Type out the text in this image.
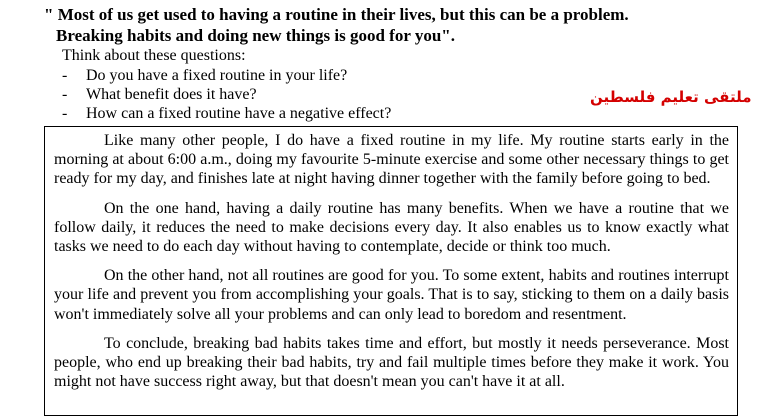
" Most of us get used to having a routine in their lives, but this can be a problem.
Breaking habits and doing new things is good for you".
Think about these questions:
-	Do you have a fixed routine in your life?
-	What benefit does it have?
-	How can a fixed routine have a negative effect?
ملتقى تعليم فلسطين

Like many other people, I do have a fixed routine in my life. My routine starts early in the morning at about 6:00 a.m., doing my favourite 5-minute exercise and some other necessary things to get ready for my day, and finishes late at night having dinner together with the family before going to bed.

On the one hand, having a daily routine has many benefits. When we have a routine that we follow daily, it reduces the need to make decisions every day. It also enables us to know exactly what tasks we need to do each day without having to contemplate, decide or think too much.

On the other hand, not all routines are good for you. To some extent, habits and routines interrupt your life and prevent you from accomplishing your goals. That is to say, sticking to them on a daily basis won't immediately solve all your problems and can only lead to boredom and resentment.

To conclude, breaking bad habits takes time and effort, but mostly it needs perseverance. Most people, who end up breaking their bad habits, try and fail multiple times before they make it work. You might not have success right away, but that doesn't mean you can't have it at all.
